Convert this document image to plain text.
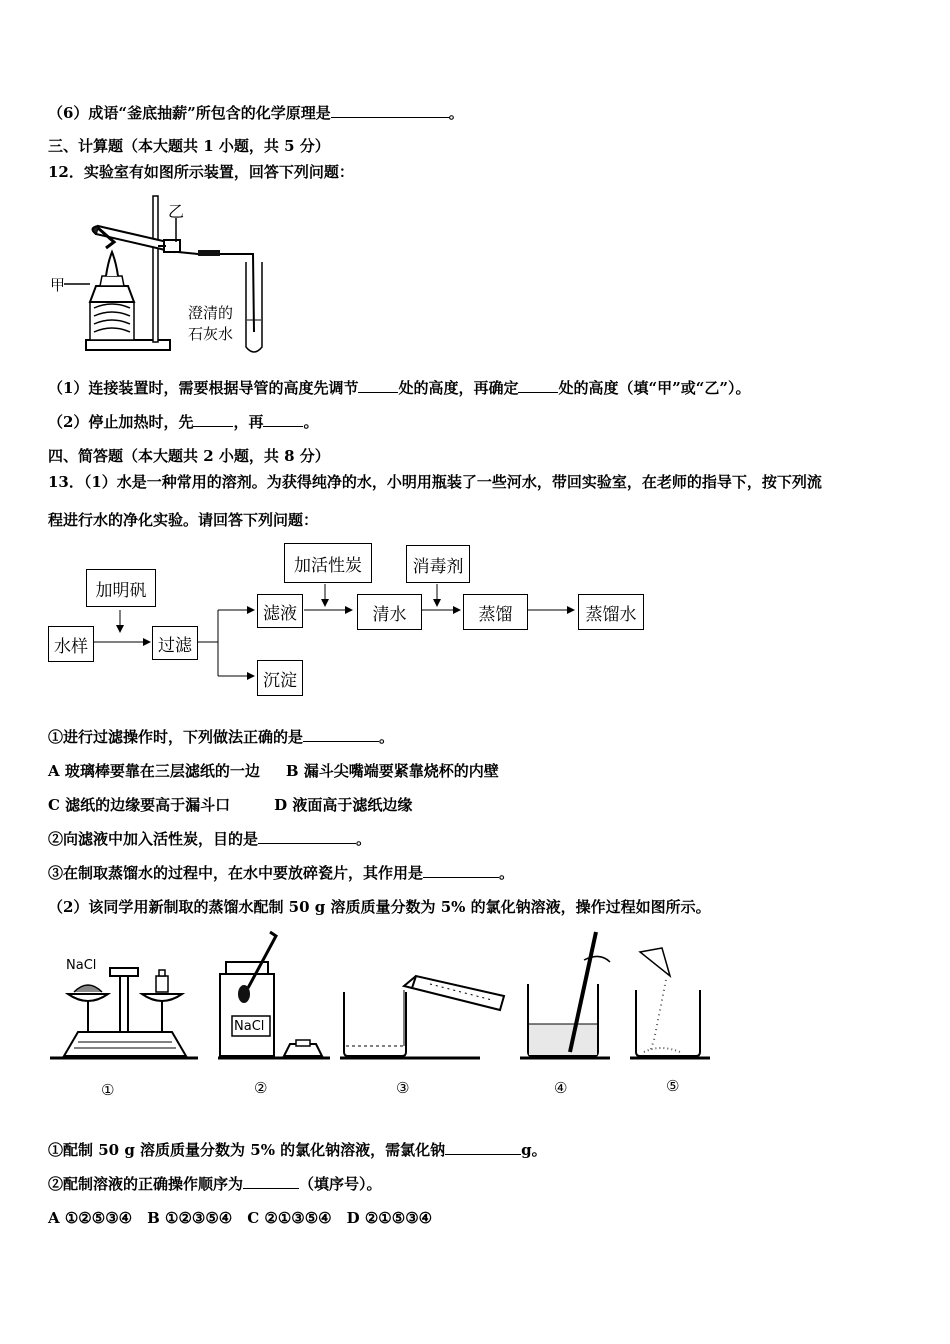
（6）成语“釜底抽薪”所包含的化学原理是	。
三、计算题（本大题共 1 小题，共 5 分）
12．实验室有如图所示装置，回答下列问题：
甲
乙
澄清的
石灰水
（1）连接装置时，需要根据导管的高度先调节	处的高度，再确定	处的高度（填“甲”或“乙”）。
（2）停止加热时，先	，再	。
四、简答题（本大题共 2 小题，共 8 分）
13．（1）水是一种常用的溶剂。为获得纯净的水，小明用瓶装了一些河水，带回实验室，在老师的指导下，按下列流
程进行水的净化实验。请回答下列问题：
加明矾
水样	过滤
滤液
沉淀
加活性炭
清水
消毒剂
蒸馏	蒸馏水
①进行过滤操作时，下列做法正确的是	。
A 玻璃棒要靠在三层滤纸的一边 B 漏斗尖嘴端要紧靠烧杯的内壁
C 滤纸的边缘要高于漏斗口	D 液面高于滤纸边缘
②向滤液中加入活性炭，目的是	。
③在制取蒸馏水的过程中，在水中要放碎瓷片，其作用是	。
（2）该同学用新制取的蒸馏水配制 50 g 溶质质量分数为 5% 的氯化钠溶液，操作过程如图所示。
NaCl
NaCl
①	②	③	④	⑤
①配制 50 g 溶质质量分数为 5% 的氯化钠溶液，需氯化钠	g。
②配制溶液的正确操作顺序为	（填序号）。
A ①②⑤③④　B ①②③⑤④　C ②①③⑤④　D ②①⑤③④
